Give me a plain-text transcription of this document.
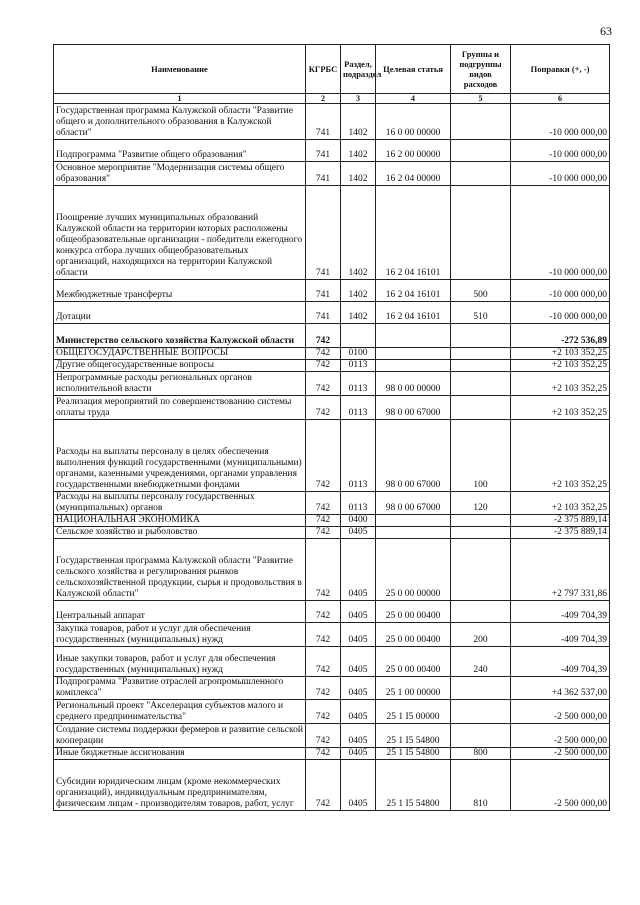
63
Наименование	КГРБС	Раздел, подраздел	Целевая статья	Группы и подгруппы видов расходов	Поправки (+, -)
1	2	3	4	5	6
Государственная программа Калужской области "Развитие общего и дополнительного образования в Калужской области"	741	1402	16 0 00 00000		-10 000 000,00
Подпрограмма "Развитие общего образования"	741	1402	16 2 00 00000		-10 000 000,00
Основное мероприятие "Модернизация системы общего образования"	741	1402	16 2 04 00000		-10 000 000,00
Поощрение лучших муниципальных образований Калужской области на территории которых расположены общеобразовательные организации - победители ежегодного конкурса отбора лучших общеобразовательных организаций, находящихся на территории Калужской области	741	1402	16 2 04 16101		-10 000 000,00
Межбюджетные трансферты	741	1402	16 2 04 16101	500	-10 000 000,00
Дотации	741	1402	16 2 04 16101	510	-10 000 000,00
Министерство сельского хозяйства Калужской области	742				-272 536,89
ОБЩЕГОСУДАРСТВЕННЫЕ ВОПРОСЫ	742	0100			+2 103 352,25
Другие общегосударственные вопросы	742	0113			+2 103 352,25
Непрограммные расходы региональных органов исполнительной власти	742	0113	98 0 00 00000		+2 103 352,25
Реализация мероприятий по совершенствованию системы оплаты труда	742	0113	98 0 00 67000		+2 103 352,25
Расходы на выплаты персоналу в целях обеспечения выполнения функций государственными (муниципальными) органами, казенными учреждениями, органами управления государственными внебюджетными фондами	742	0113	98 0 00 67000	100	+2 103 352,25
Расходы на выплаты персоналу государственных (муниципальных) органов	742	0113	98 0 00 67000	120	+2 103 352,25
НАЦИОНАЛЬНАЯ ЭКОНОМИКА	742	0400			-2 375 889,14
Сельское хозяйство и рыболовство	742	0405			-2 375 889,14
Государственная программа Калужской области "Развитие сельского хозяйства и регулирования рынков сельскохозяйственной продукции, сырья и продовольствия в Калужской области"	742	0405	25 0 00 00000		+2 797 331,86
Центральный аппарат	742	0405	25 0 00 00400		-409 704,39
Закупка товаров, работ и услуг для обеспечения государственных (муниципальных) нужд	742	0405	25 0 00 00400	200	-409 704,39
Иные закупки товаров, работ и услуг для обеспечения государственных (муниципальных) нужд	742	0405	25 0 00 00400	240	-409 704,39
Подпрограмма "Развитие отраслей агропромышленного комплекса"	742	0405	25 1 00 00000		+4 362 537,00
Региональный проект "Акселерация субъектов малого и среднего предпринимательства"	742	0405	25 1 I5 00000		-2 500 000,00
Создание системы поддержки фермеров и развитие сельской кооперации	742	0405	25 1 I5 54800		-2 500 000,00
Иные бюджетные ассигнования	742	0405	25 1 I5 54800	800	-2 500 000,00
Субсидии юридическим лицам (кроме некоммерческих организаций), индивидуальным предпринимателям, физическим лицам - производителям товаров, работ, услуг	742	0405	25 1 I5 54800	810	-2 500 000,00
